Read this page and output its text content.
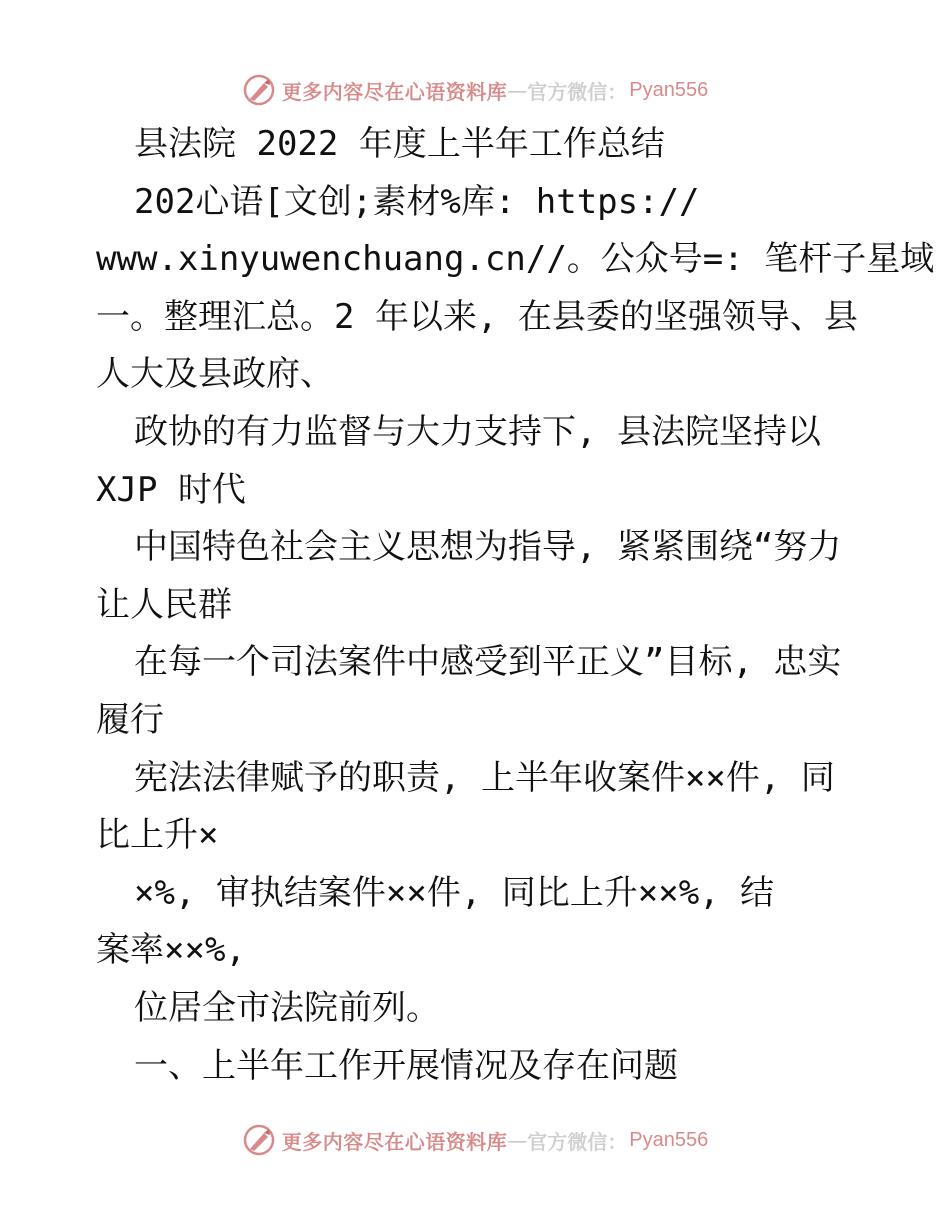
更多内容尽在心语资料库 — 官方微信： Pyan556
县法院 2022 年度上半年工作总结
202心语[文创;素材%库: https://
www.xinyuwenchuang.cn//。公众号=: 笔杆子星域
一。整理汇总。2 年以来, 在县委的坚强领导、县
人大及县政府、
政协的有力监督与大力支持下, 县法院坚持以
XJP 时代
中国特色社会主义思想为指导, 紧紧围绕“努力
让人民群
在每一个司法案件中感受到平正义”目标, 忠实
履行
宪法法律赋予的职责, 上半年收案件××件, 同
比上升×
×%, 审执结案件××件, 同比上升××%, 结
案率××%,
位居全市法院前列。
一、上半年工作开展情况及存在问题
更多内容尽在心语资料库 — 官方微信： Pyan556
